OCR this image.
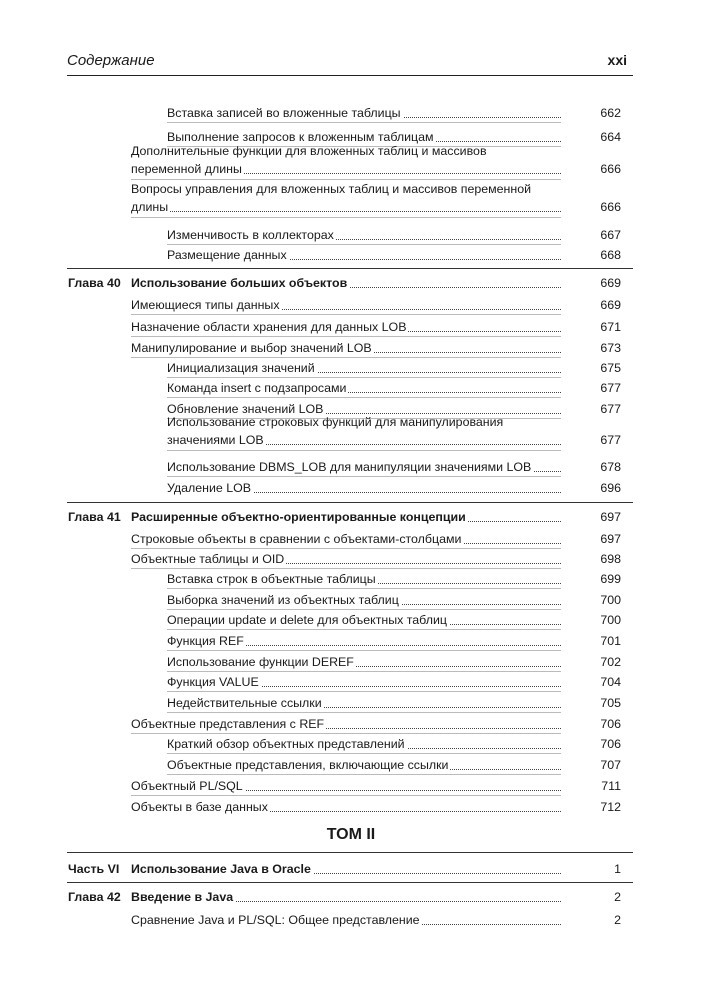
Содержание	xxi
Вставка записей во вложенные таблицы	662
Выполнение запросов к вложенным таблицам	664
Дополнительные функции для вложенных таблиц и массивов
переменной длины	666
Вопросы управления для вложенных таблиц и массивов переменной
длины	666
Изменчивость в коллекторах	667
Размещение данных	668
Глава 40 Использование больших объектов	669
Имеющиеся типы данных	669
Назначение области хранения для данных LOB	671
Манипулирование и выбор значений LOB	673
Инициализация значений	675
Команда insert с подзапросами	677
Обновление значений LOB	677
Использование строковых функций для манипулирования
значениями LOB	677
Использование DBMS_LOB для манипуляции значениями LOB	678
Удаление LOB	696
Глава 41 Расширенные объектно-ориентированные концепции	697
Строковые объекты в сравнении с объектами-столбцами	697
Объектные таблицы и OID	698
Вставка строк в объектные таблицы	699
Выборка значений из объектных таблиц	700
Операции update и delete для объектных таблиц	700
Функция REF	701
Использование функции DEREF	702
Функция VALUE	704
Недействительные ссылки	705
Объектные представления с REF	706
Краткий обзор объектных представлений	706
Объектные представления, включающие ссылки	707
Объектный PL/SQL	711
Объекты в базе данных	712
Часть VI Использование Java в Oracle	1
Глава 42 Введение в Java	2
Сравнение Java и PL/SQL: Общее представление	2
ТОМ II
